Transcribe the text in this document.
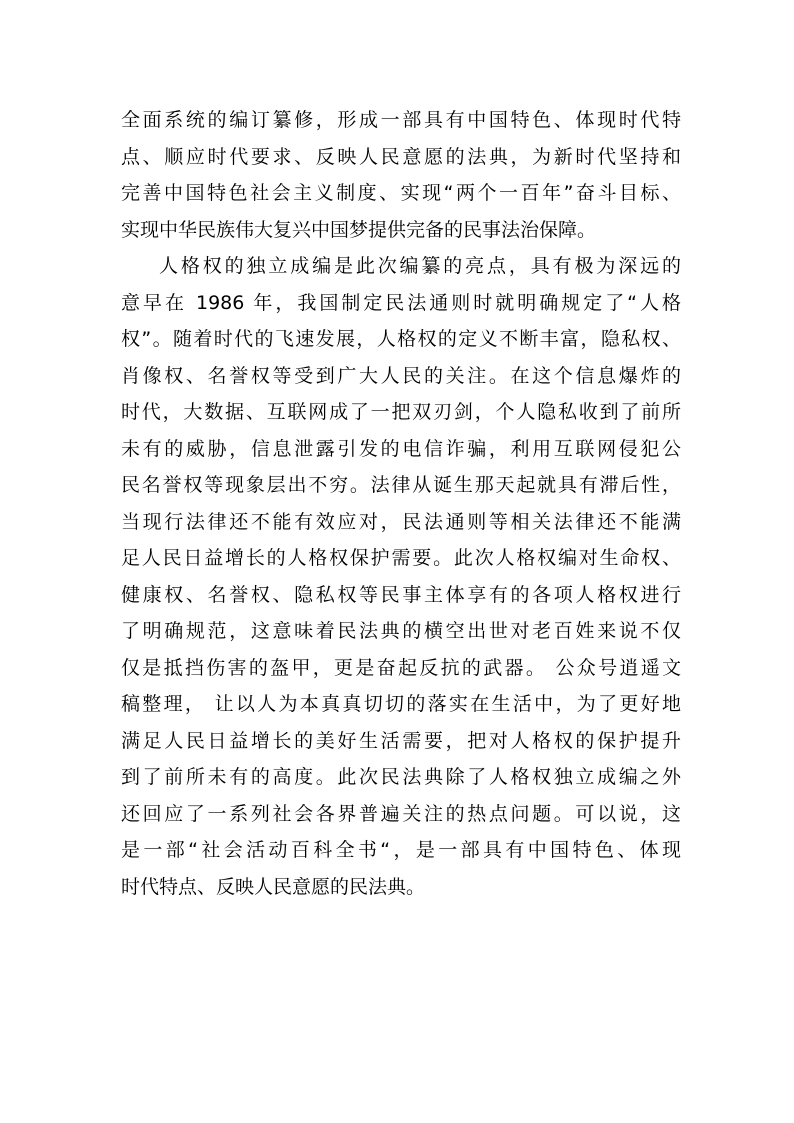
全面系统的编订纂修，形成一部具有中国特色、体现时代特
点、顺应时代要求、反映人民意愿的法典，为新时代坚持和
完善中国特色社会主义制度、实现“两个一百年”奋斗目标、
实现中华民族伟大复兴中国梦提供完备的民事法治保障。
人格权的独立成编是此次编纂的亮点，具有极为深远的
意早在 1986 年，我国制定民法通则时就明确规定了“人格
权”。随着时代的飞速发展，人格权的定义不断丰富，隐私权、
肖像权、名誉权等受到广大人民的关注。在这个信息爆炸的
时代，大数据、互联网成了一把双刃剑，个人隐私收到了前所
未有的威胁，信息泄露引发的电信诈骗，利用互联网侵犯公
民名誉权等现象层出不穷。法律从诞生那天起就具有滞后性，
当现行法律还不能有效应对，民法通则等相关法律还不能满
足人民日益增长的人格权保护需要。此次人格权编对生命权、
健康权、名誉权、隐私权等民事主体享有的各项人格权进行
了明确规范，这意味着民法典的横空出世对老百姓来说不仅
仅是抵挡伤害的盔甲，更是奋起反抗的武器。 公众号逍遥文
稿整理， 让以人为本真真切切的落实在生活中，为了更好地
满足人民日益增长的美好生活需要，把对人格权的保护提升
到了前所未有的高度。此次民法典除了人格权独立成编之外
还回应了一系列社会各界普遍关注的热点问题。可以说，这
是一部“社会活动百科全书“，是一部具有中国特色、体现
时代特点、反映人民意愿的民法典。
